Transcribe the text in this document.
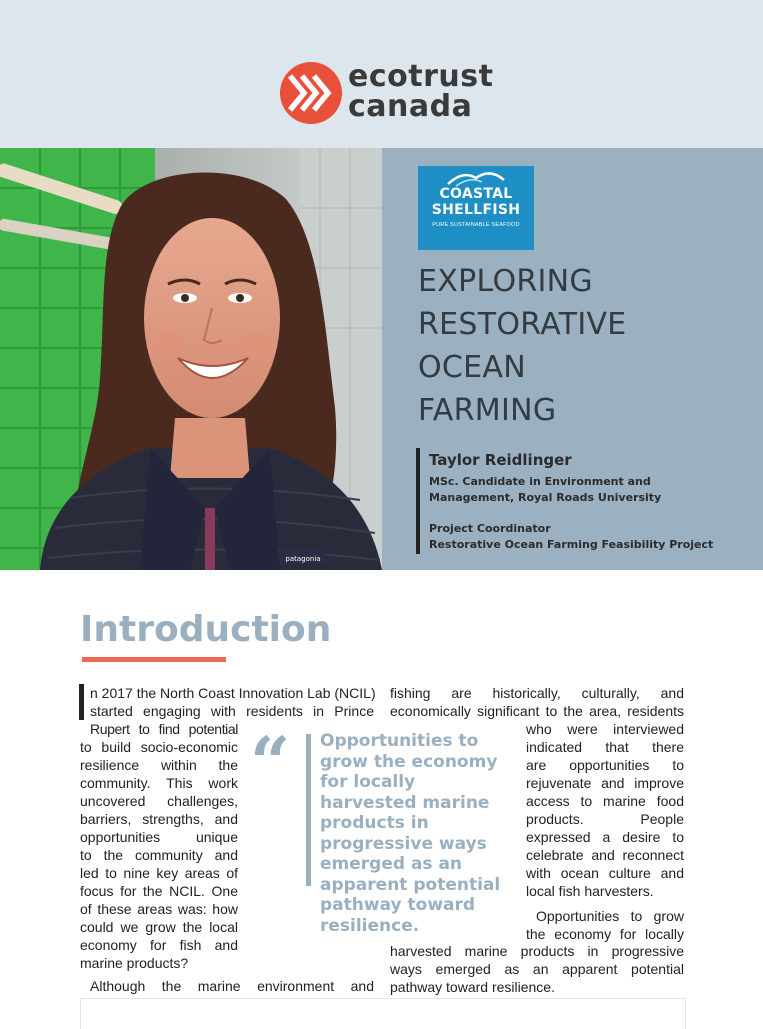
ecotrust
canada
patagonia
COASTAL
SHELLFISH
PURE SUSTAINABLE SEAFOOD
EXPLORING
RESTORATIVE
OCEAN
FARMING
Taylor Reidlinger
MSc. Candidate in Environment and
Management, Royal Roads University
Project Coordinator
Restorative Ocean Farming Feasibility Project
Introduction
n 2017 the North Coast Innovation Lab (NCIL)
started engaging with residents in Prince
Rupert to find potential
to build socio-economic
resilience within the
community. This work
uncovered challenges,
barriers, strengths, and
opportunities unique
to the community and
led to nine key areas of
focus for the NCIL. One
of these areas was: how
could we grow the local
economy for fish and
marine products?
Although the marine environment and
“ Opportunities to grow the economy for locally harvested marine products in progressive ways emerged as an apparent potential pathway toward resilience.
fishing are historically, culturally, and
economically significant to the area, residents
who were interviewed
indicated that there
are opportunities to
rejuvenate and improve
access to marine food
products. People
expressed a desire to
celebrate and reconnect
with ocean culture and
local fish harvesters.
Opportunities to grow
the economy for locally
harvested marine products in progressive
ways emerged as an apparent potential
pathway toward resilience.
